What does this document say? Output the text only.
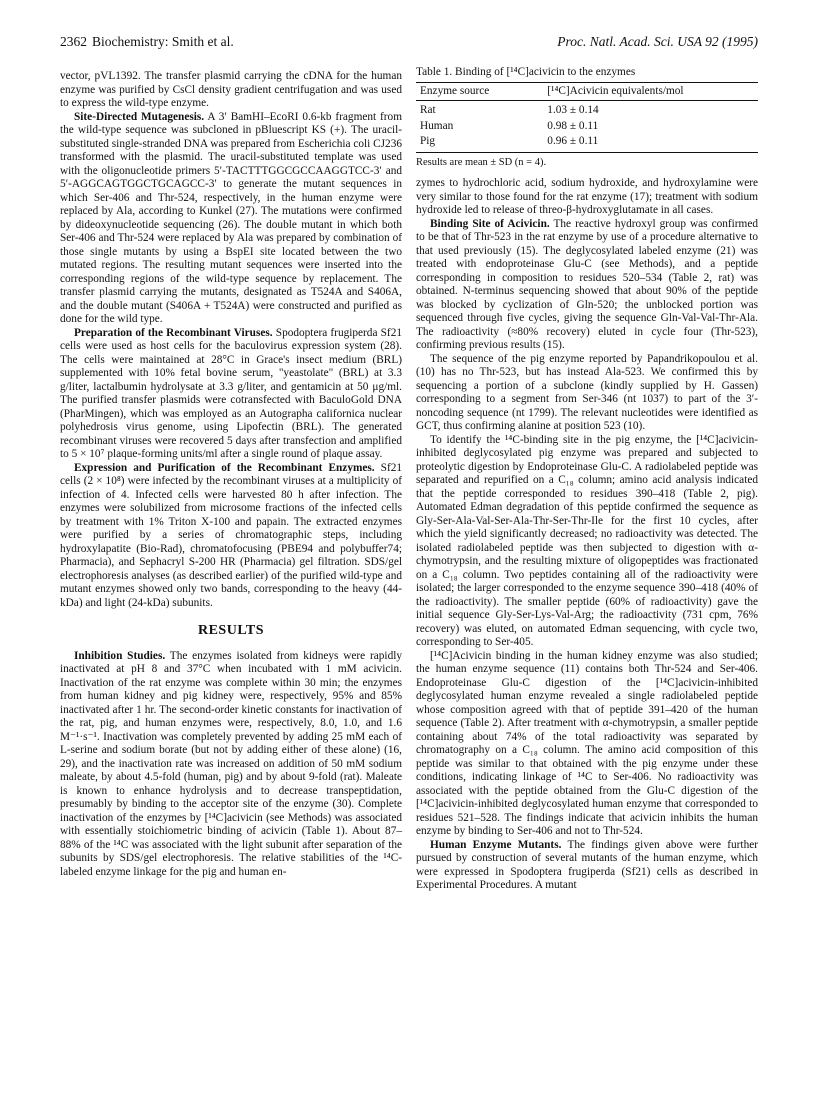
2362 Biochemistry: Smith et al.	Proc. Natl. Acad. Sci. USA 92 (1995)

vector, pVL1392. The transfer plasmid carrying the cDNA for the human enzyme was purified by CsCl density gradient centrifugation and was used to express the wild-type enzyme.

Site-Directed Mutagenesis. A 3′ BamHI–EcoRI 0.6-kb fragment from the wild-type sequence was subcloned in pBluescript KS (+). The uracil-substituted single-stranded DNA was prepared from Escherichia coli CJ236 transformed with the plasmid. The uracil-substituted template was used with the oligonucleotide primers 5′-TACTTTGGCGCCAAGGTCC-3′ and 5′-AGGCAGTGGCTGCAGCC-3′ to generate the mutant sequences in which Ser-406 and Thr-524, respectively, in the human enzyme were replaced by Ala, according to Kunkel (27). The mutations were confirmed by dideoxynucleotide sequencing (26). The double mutant in which both Ser-406 and Thr-524 were replaced by Ala was prepared by combination of those single mutants by using a BspEI site located between the two mutated regions. The resulting mutant sequences were inserted into the corresponding regions of the wild-type sequence by replacement. The transfer plasmid carrying the mutants, designated as T524A and S406A, and the double mutant (S406A + T524A) were constructed and purified as done for the wild type.

Preparation of the Recombinant Viruses. Spodoptera frugiperda Sf21 cells were used as host cells for the baculovirus expression system (28). The cells were maintained at 28°C in Grace's insect medium (BRL) supplemented with 10% fetal bovine serum, "yeastolate" (BRL) at 3.3 g/liter, lactalbumin hydrolysate at 3.3 g/liter, and gentamicin at 50 μg/ml. The purified transfer plasmids were cotransfected with BaculoGold DNA (PharMingen), which was employed as an Autographa californica nuclear polyhedrosis virus genome, using Lipofectin (BRL). The generated recombinant viruses were recovered 5 days after transfection and amplified to 5 × 10⁷ plaque-forming units/ml after a single round of plaque assay.

Expression and Purification of the Recombinant Enzymes. Sf21 cells (2 × 10⁸) were infected by the recombinant viruses at a multiplicity of infection of 4. Infected cells were harvested 80 h after infection. The enzymes were solubilized from microsome fractions of the infected cells by treatment with 1% Triton X-100 and papain. The extracted enzymes were purified by a series of chromatographic steps, including hydroxylapatite (Bio-Rad), chromatofocusing (PBE94 and polybuffer74; Pharmacia), and Sephacryl S-200 HR (Pharmacia) gel filtration. SDS/gel electrophoresis analyses (as described earlier) of the purified wild-type and mutant enzymes showed only two bands, corresponding to the heavy (44-kDa) and light (24-kDa) subunits.

RESULTS

Inhibition Studies. The enzymes isolated from kidneys were rapidly inactivated at pH 8 and 37°C when incubated with 1 mM acivicin. Inactivation of the rat enzyme was complete within 30 min; the enzymes from human kidney and pig kidney were, respectively, 95% and 85% inactivated after 1 hr. The second-order kinetic constants for inactivation of the rat, pig, and human enzymes were, respectively, 8.0, 1.0, and 1.6 M⁻¹·s⁻¹. Inactivation was completely prevented by adding 25 mM each of L-serine and sodium borate (but not by adding either of these alone) (16, 29), and the inactivation rate was increased on addition of 50 mM sodium maleate, by about 4.5-fold (human, pig) and by about 9-fold (rat). Maleate is known to enhance hydrolysis and to decrease transpeptidation, presumably by binding to the acceptor site of the enzyme (30). Complete inactivation of the enzymes by [¹⁴C]acivicin (see Methods) was associated with essentially stoichiometric binding of acivicin (Table 1). About 87–88% of the ¹⁴C was associated with the light subunit after separation of the subunits by SDS/gel electrophoresis. The relative stabilities of the ¹⁴C-labeled enzyme linkage for the pig and human en-

Table 1. Binding of [¹⁴C]acivicin to the enzymes

Enzyme source	[¹⁴C]Acivicin equivalents/mol
Rat	1.03 ± 0.14
Human	0.98 ± 0.11
Pig	0.96 ± 0.11

Results are mean ± SD (n = 4).

zymes to hydrochloric acid, sodium hydroxide, and hydroxylamine were very similar to those found for the rat enzyme (17); treatment with sodium hydroxide led to release of threo-β-hydroxyglutamate in all cases.

Binding Site of Acivicin. The reactive hydroxyl group was confirmed to be that of Thr-523 in the rat enzyme by use of a procedure alternative to that used previously (15). The deglycosylated labeled enzyme (21) was treated with endoproteinase Glu-C (see Methods), and a peptide corresponding in composition to residues 520–534 (Table 2, rat) was obtained. N-terminus sequencing showed that about 90% of the peptide was blocked by cyclization of Gln-520; the unblocked portion was sequenced through five cycles, giving the sequence Gln-Val-Val-Thr-Ala. The radioactivity (≈80% recovery) eluted in cycle four (Thr-523), confirming previous results (15).

The sequence of the pig enzyme reported by Papandrikopoulou et al. (10) has no Thr-523, but has instead Ala-523. We confirmed this by sequencing a portion of a subclone (kindly supplied by H. Gassen) corresponding to a segment from Ser-346 (nt 1037) to part of the 3′-noncoding sequence (nt 1799). The relevant nucleotides were identified as GCT, thus confirming alanine at position 523 (10).

To identify the ¹⁴C-binding site in the pig enzyme, the [¹⁴C]acivicin-inhibited deglycosylated pig enzyme was prepared and subjected to proteolytic digestion by Endoproteinase Glu-C. A radiolabeled peptide was separated and repurified on a C₁₈ column; amino acid analysis indicated that the peptide corresponded to residues 390–418 (Table 2, pig). Automated Edman degradation of this peptide confirmed the sequence as Gly-Ser-Ala-Val-Ser-Ala-Thr-Ser-Thr-Ile for the first 10 cycles, after which the yield significantly decreased; no radioactivity was detected. The isolated radiolabeled peptide was then subjected to digestion with α-chymotrypsin, and the resulting mixture of oligopeptides was fractionated on a C₁₈ column. Two peptides containing all of the radioactivity were isolated; the larger corresponded to the enzyme sequence 390–418 (40% of the radioactivity). The smaller peptide (60% of radioactivity) gave the initial sequence Gly-Ser-Lys-Val-Arg; the radioactivity (731 cpm, 76% recovery) was eluted, on automated Edman sequencing, with cycle two, corresponding to Ser-405.

[¹⁴C]Acivicin binding in the human kidney enzyme was also studied; the human enzyme sequence (11) contains both Thr-524 and Ser-406. Endoproteinase Glu-C digestion of the [¹⁴C]acivicin-inhibited deglycosylated human enzyme revealed a single radiolabeled peptide whose composition agreed with that of peptide 391–420 of the human sequence (Table 2). After treatment with α-chymotrypsin, a smaller peptide containing about 74% of the total radioactivity was separated by chromatography on a C₁₈ column. The amino acid composition of this peptide was similar to that obtained with the pig enzyme under these conditions, indicating linkage of ¹⁴C to Ser-406. No radioactivity was associated with the peptide obtained from the Glu-C digestion of the [¹⁴C]acivicin-inhibited deglycosylated human enzyme that corresponded to residues 521–528. The findings indicate that acivicin inhibits the human enzyme by binding to Ser-406 and not to Thr-524.

Human Enzyme Mutants. The findings given above were further pursued by construction of several mutants of the human enzyme, which were expressed in Spodoptera frugiperda (Sf21) cells as described in Experimental Procedures. A mutant
